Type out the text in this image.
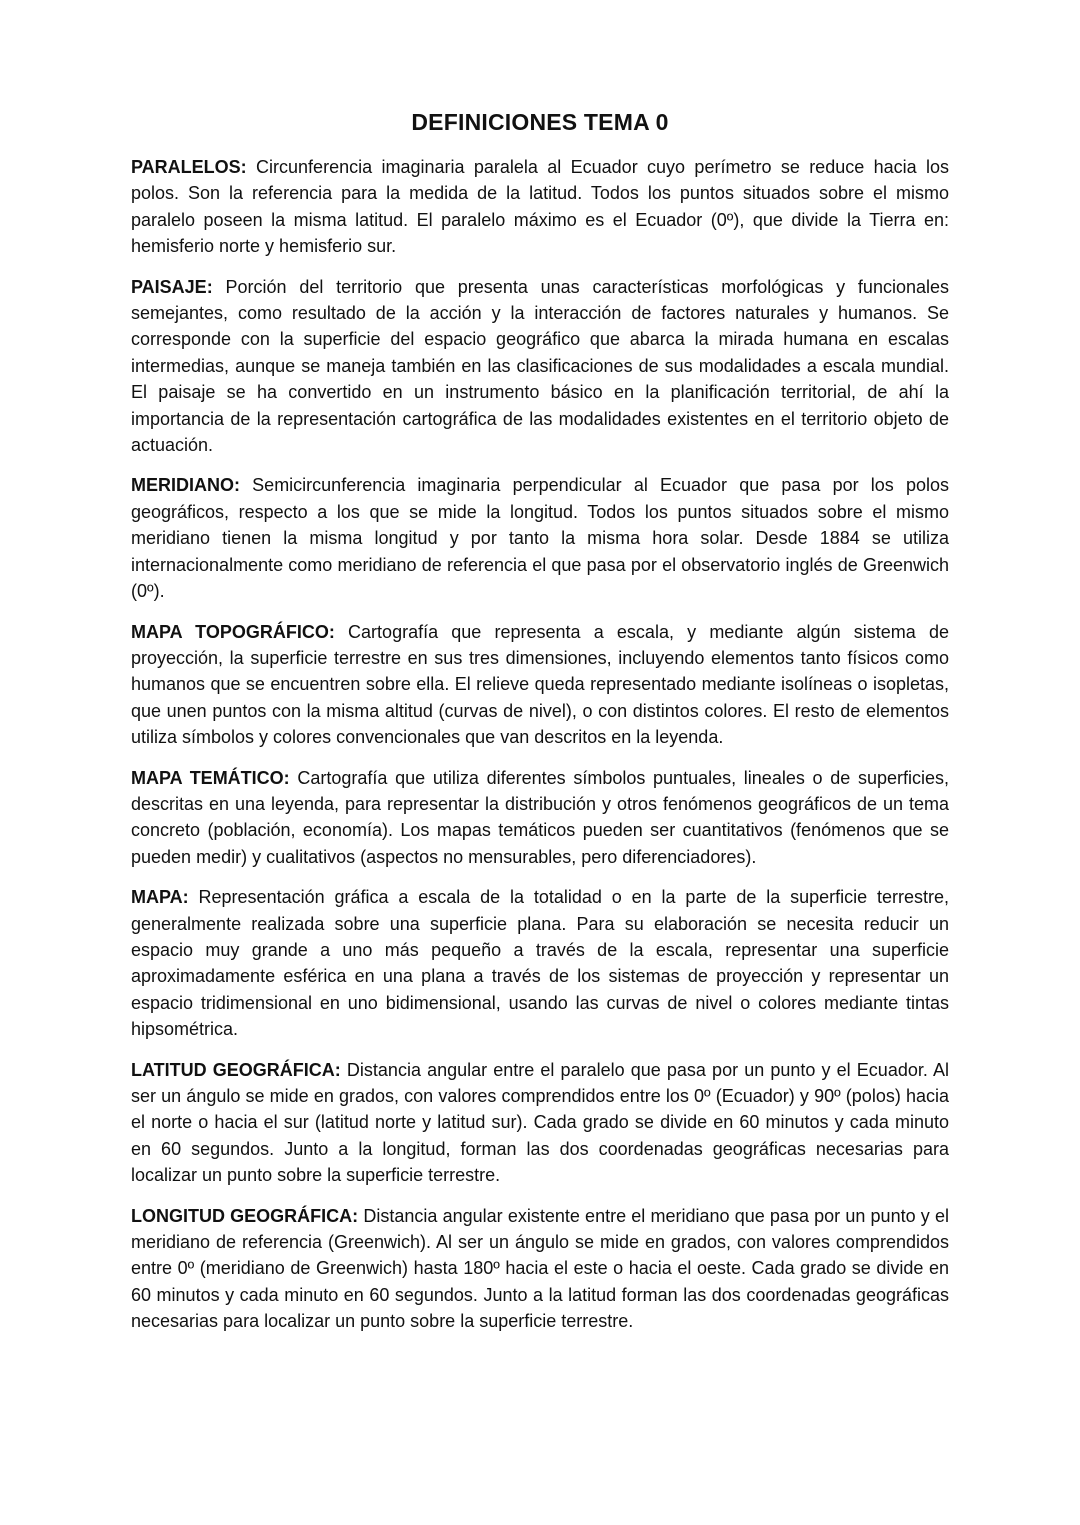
DEFINICIONES TEMA 0

PARALELOS: Circunferencia imaginaria paralela al Ecuador cuyo perímetro se reduce hacia los polos. Son la referencia para la medida de la latitud. Todos los puntos situados sobre el mismo paralelo poseen la misma latitud. El paralelo máximo es el Ecuador (0º), que divide la Tierra en: hemisferio norte y hemisferio sur.

PAISAJE: Porción del territorio que presenta unas características morfológicas y funcionales semejantes, como resultado de la acción y la interacción de factores naturales y humanos. Se corresponde con la superficie del espacio geográfico que abarca la mirada humana en escalas intermedias, aunque se maneja también en las clasificaciones de sus modalidades a escala mundial. El paisaje se ha convertido en un instrumento básico en la planificación territorial, de ahí la importancia de la representación cartográfica de las modalidades existentes en el territorio objeto de actuación.

MERIDIANO: Semicircunferencia imaginaria perpendicular al Ecuador que pasa por los polos geográficos, respecto a los que se mide la longitud. Todos los puntos situados sobre el mismo meridiano tienen la misma longitud y por tanto la misma hora solar. Desde 1884 se utiliza internacionalmente como meridiano de referencia el que pasa por el observatorio inglés de Greenwich (0º).

MAPA TOPOGRÁFICO: Cartografía que representa a escala, y mediante algún sistema de proyección, la superficie terrestre en sus tres dimensiones, incluyendo elementos tanto físicos como humanos que se encuentren sobre ella. El relieve queda representado mediante isolíneas o isopletas, que unen puntos con la misma altitud (curvas de nivel), o con distintos colores. El resto de elementos utiliza símbolos y colores convencionales que van descritos en la leyenda.

MAPA TEMÁTICO: Cartografía que utiliza diferentes símbolos puntuales, lineales o de superficies, descritas en una leyenda, para representar la distribución y otros fenómenos geográficos de un tema concreto (población, economía). Los mapas temáticos pueden ser cuantitativos (fenómenos que se pueden medir) y cualitativos (aspectos no mensurables, pero diferenciadores).

MAPA: Representación gráfica a escala de la totalidad o en la parte de la superficie terrestre, generalmente realizada sobre una superficie plana. Para su elaboración se necesita reducir un espacio muy grande a uno más pequeño a través de la escala, representar una superficie aproximadamente esférica en una plana a través de los sistemas de proyección y representar un espacio tridimensional en uno bidimensional, usando las curvas de nivel o colores mediante tintas hipsométrica.

LATITUD GEOGRÁFICA: Distancia angular entre el paralelo que pasa por un punto y el Ecuador. Al ser un ángulo se mide en grados, con valores comprendidos entre los 0º (Ecuador) y 90º (polos) hacia el norte o hacia el sur (latitud norte y latitud sur). Cada grado se divide en 60 minutos y cada minuto en 60 segundos. Junto a la longitud, forman las dos coordenadas geográficas necesarias para localizar un punto sobre la superficie terrestre.

LONGITUD GEOGRÁFICA: Distancia angular existente entre el meridiano que pasa por un punto y el meridiano de referencia (Greenwich). Al ser un ángulo se mide en grados, con valores comprendidos entre 0º (meridiano de Greenwich) hasta 180º hacia el este o hacia el oeste. Cada grado se divide en 60 minutos y cada minuto en 60 segundos. Junto a la latitud forman las dos coordenadas geográficas necesarias para localizar un punto sobre la superficie terrestre.
